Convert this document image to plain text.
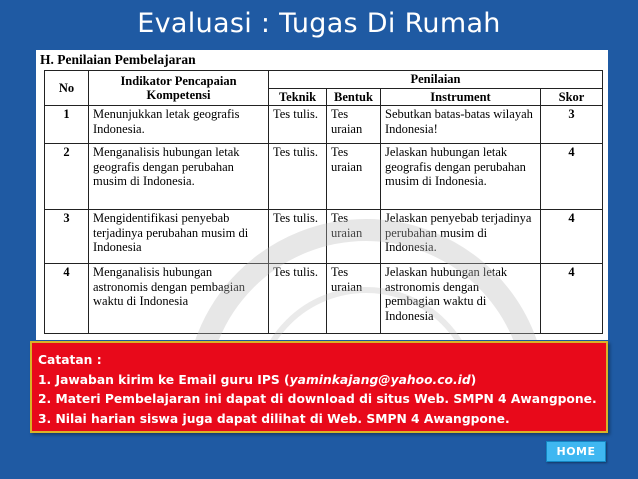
Evaluasi : Tugas Di Rumah
H. Penilaian Pembelajaran
No	Indikator Pencapaian Kompetensi	Penilaian			
		Teknik	Bentuk	Instrument	Skor
1	Menunjukkan letak geografis Indonesia.	Tes tulis.	Tes uraian	Sebutkan batas-batas wilayah Indonesia!	3
2	Menganalisis hubungan letak geografis dengan perubahan musim di Indonesia.	Tes tulis.	Tes uraian	Jelaskan hubungan letak geografis dengan perubahan musim di Indonesia.	4
3	Mengidentifikasi penyebab terjadinya perubahan musim di Indonesia	Tes tulis.	Tes uraian	Jelaskan penyebab terjadinya perubahan musim di Indonesia.	4
4	Menganalisis hubungan astronomis dengan pembagian waktu di Indonesia	Tes tulis.	Tes uraian	Jelaskan hubungan letak astronomis dengan pembagian waktu di Indonesia	4
Catatan :
1. Jawaban kirim ke Email guru IPS (yaminkajang@yahoo.co.id)
2. Materi Pembelajaran ini dapat di download di situs Web. SMPN 4 Awangpone.
3. Nilai harian siswa juga dapat dilihat di Web. SMPN 4 Awangpone.
HOME
